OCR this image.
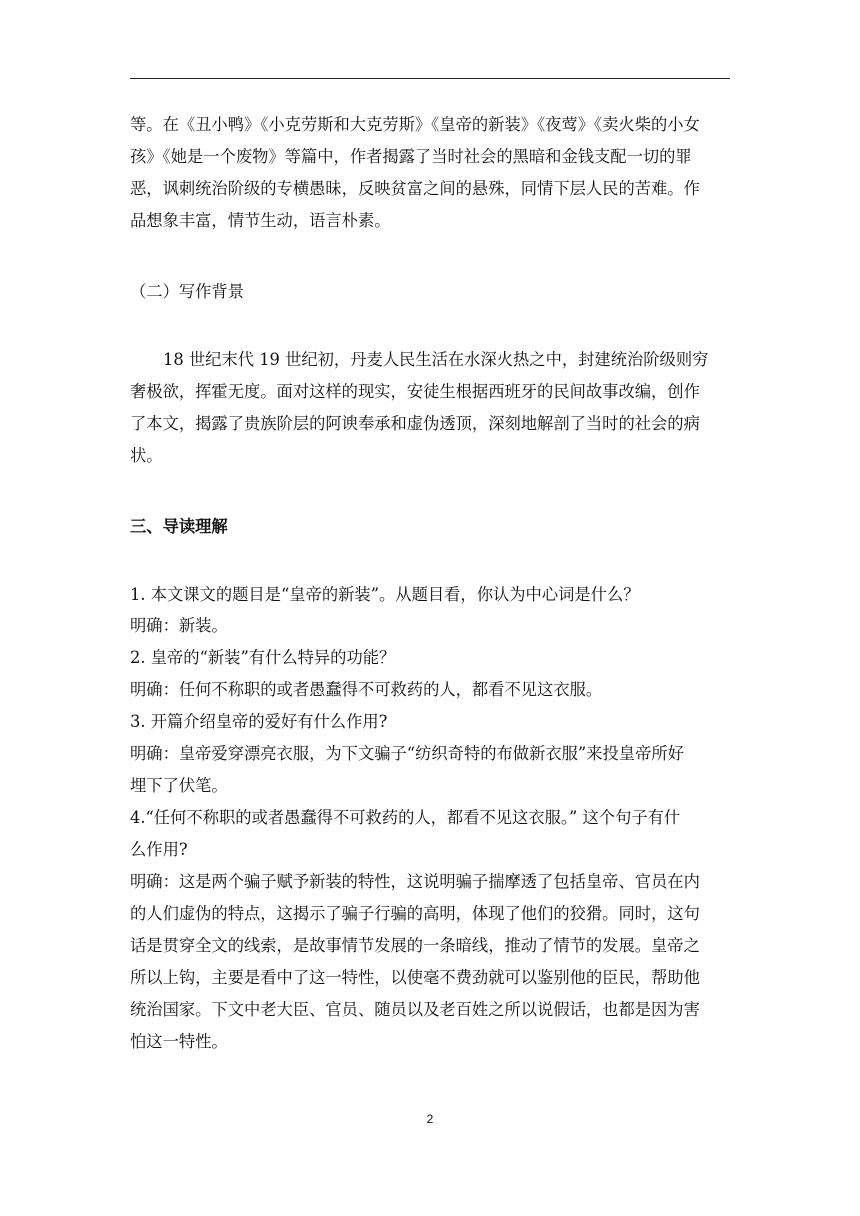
等。在《丑小鸭》《小克劳斯和大克劳斯》《皇帝的新装》《夜莺》《卖火柴的小女
孩》《她是一个废物》等篇中，作者揭露了当时社会的黑暗和金钱支配一切的罪
恶，讽刺统治阶级的专横愚昧，反映贫富之间的悬殊，同情下层人民的苦难。作
品想象丰富，情节生动，语言朴素。
（二）写作背景
18 世纪末代 19 世纪初，丹麦人民生活在水深火热之中，封建统治阶级则穷
奢极欲，挥霍无度。面对这样的现实，安徒生根据西班牙的民间故事改编，创作
了本文，揭露了贵族阶层的阿谀奉承和虚伪透顶，深刻地解剖了当时的社会的病
状。
三、导读理解
1. 本文课文的题目是“皇帝的新装”。从题目看，你认为中心词是什么？
明确：新装。
2. 皇帝的“新装”有什么特异的功能？
明确：任何不称职的或者愚蠢得不可救药的人，都看不见这衣服。
3. 开篇介绍皇帝的爱好有什么作用?
明确：皇帝爱穿漂亮衣服，为下文骗子“纺织奇特的布做新衣服”来投皇帝所好
埋下了伏笔。
4.“任何不称职的或者愚蠢得不可救药的人，都看不见这衣服。” 这个句子有什
么作用?
明确：这是两个骗子赋予新装的特性，这说明骗子揣摩透了包括皇帝、官员在内
的人们虚伪的特点，这揭示了骗子行骗的高明，体现了他们的狡猾。同时，这句
话是贯穿全文的线索，是故事情节发展的一条暗线，推动了情节的发展。皇帝之
所以上钩，主要是看中了这一特性，以使毫不费劲就可以鉴别他的臣民，帮助他
统治国家。下文中老大臣、官员、随员以及老百姓之所以说假话，也都是因为害
怕这一特性。
2
